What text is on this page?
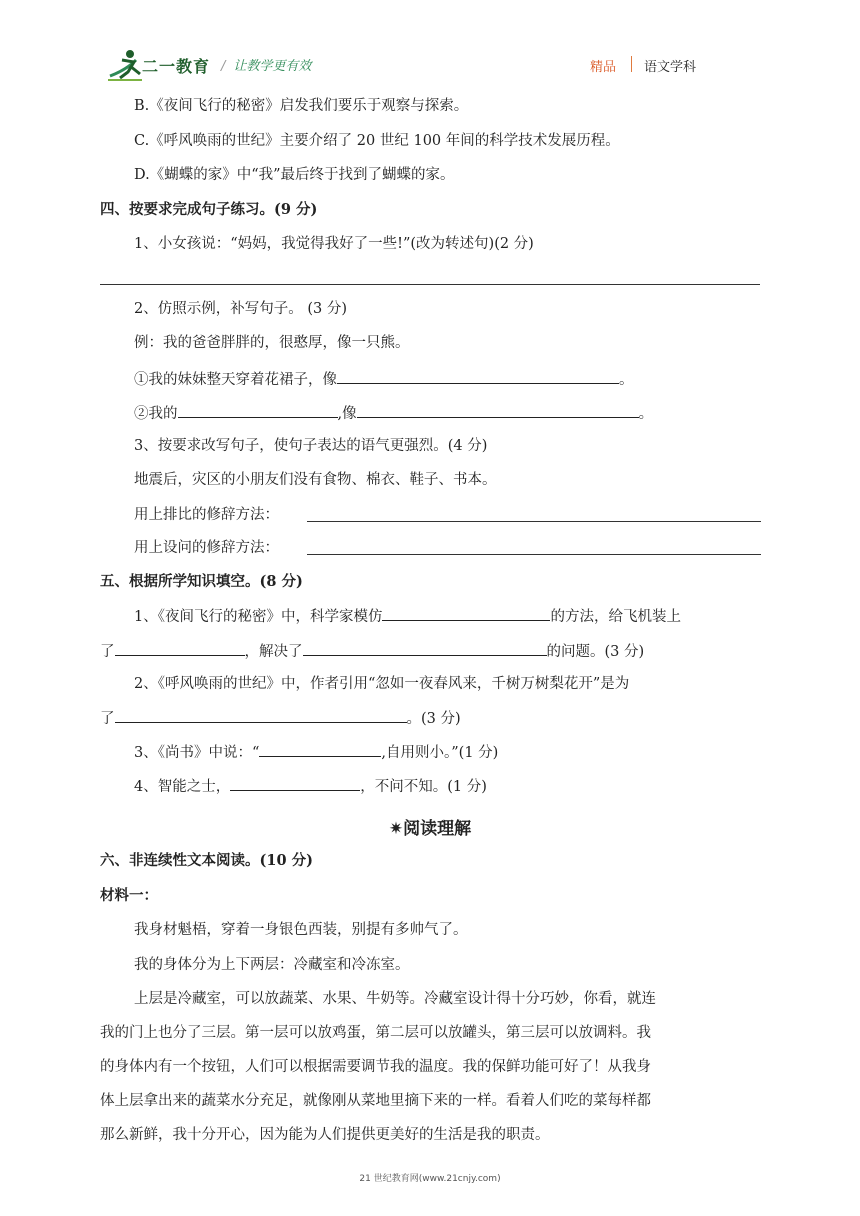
二一教育 / 让教学更有效	精品 语文学科
B.《夜间飞行的秘密》启发我们要乐于观察与探索。
C.《呼风唤雨的世纪》主要介绍了 20 世纪 100 年间的科学技术发展历程。
D.《蝴蝶的家》中“我”最后终于找到了蝴蝶的家。
四、按要求完成句子练习。(9 分)
1、小女孩说：“妈妈，我觉得我好了一些!”(改为转述句)(2 分)
2、仿照示例，补写句子。 (3 分)
例：我的爸爸胖胖的，很憨厚，像一只熊。
①我的妹妹整天穿着花裙子，像	。
②我的	,像	。
3、按要求改写句子，使句子表达的语气更强烈。(4 分)
地震后，灾区的小朋友们没有食物、棉衣、鞋子、书本。
用上排比的修辞方法：
用上设问的修辞方法：
五、根据所学知识填空。(8 分)
1、《夜间飞行的秘密》中，科学家模仿	的方法，给飞机装上
了	，解决了	的问题。(3 分)
2、《呼风唤雨的世纪》中，作者引用“忽如一夜春风来，千树万树梨花开”是为
了	。(3 分)
3、《尚书》中说：“	,自用则小。”(1 分)
4、智能之士，	，不问不知。(1 分)
✷阅读理解
六、非连续性文本阅读。(10 分)
材料一：
我身材魁梧，穿着一身银色西装，别提有多帅气了。
我的身体分为上下两层：冷藏室和冷冻室。
上层是冷藏室，可以放蔬菜、水果、牛奶等。冷藏室设计得十分巧妙，你看，就连
我的门上也分了三层。第一层可以放鸡蛋，第二层可以放罐头，第三层可以放调料。我
的身体内有一个按钮，人们可以根据需要调节我的温度。我的保鲜功能可好了！从我身
体上层拿出来的蔬菜水分充足，就像刚从菜地里摘下来的一样。看着人们吃的菜每样都
那么新鲜，我十分开心，因为能为人们提供更美好的生活是我的职责。
21 世纪教育网(www.21cnjy.com)
